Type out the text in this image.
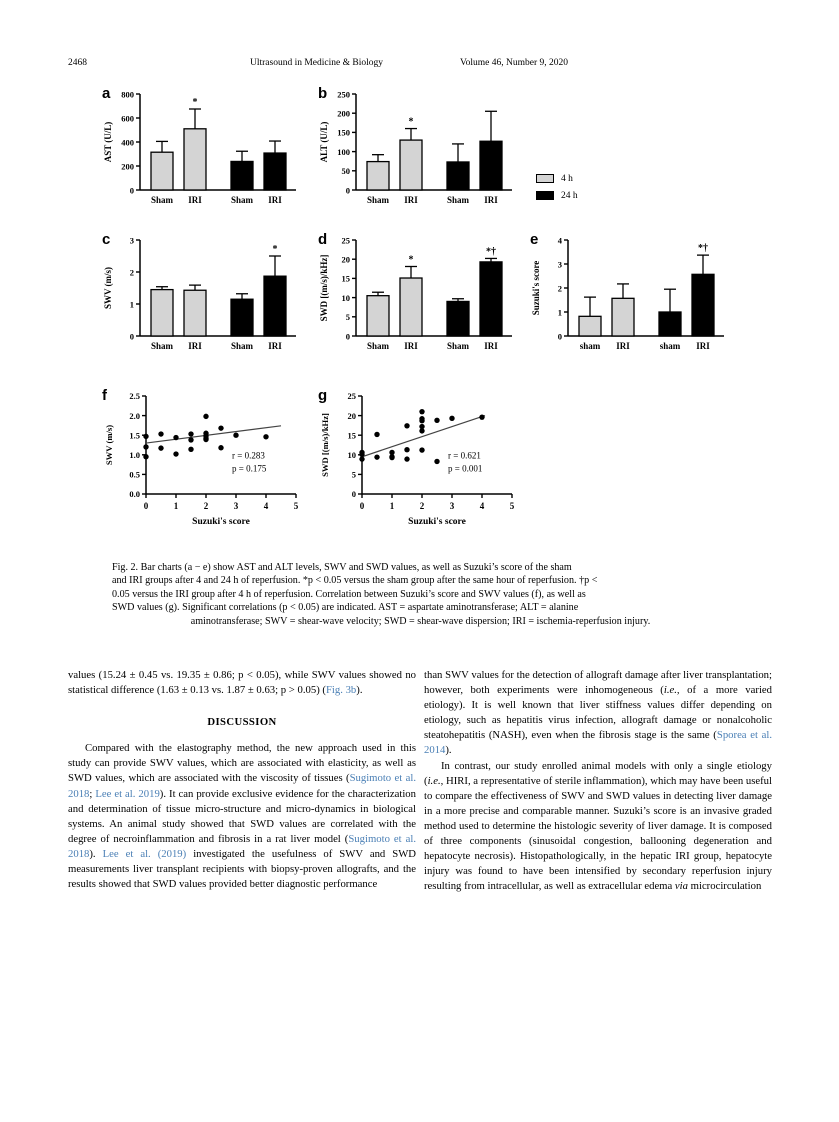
2468	Ultrasound in Medicine & Biology	Volume 46, Number 9, 2020
a
0
200
400
600
800
AST (U/L)
Sham
*
IRI	Sham IRI
b
0
50
100
150
200
250
ALT (U/L)
Sham
*
IRI	Sham IRI
c
0
1
2
3
SWV (m/s)
Sham IRI	Sham
*
IRI
d
0
5
10
15
20
25
SWD [(m/s)/kHz]
Sham
*
IRI	Sham
*†
IRI
e
0
1
2
3
4
Suzuki's score
sham IRI	sham
*†
IRI
f
0.0
0.5
1.0
1.5
2.0
2.5
0	1	2	3	4	5
SWV (m/s)
Suzuki's score
r = 0.283
p = 0.175
g
0
5
10
15
20
25
0	1	2	3	4	5
SWD [(m/s)/kHz]
Suzuki's score
r = 0.621
p = 0.001
4 h
24 h
Fig. 2. Bar charts (a − e) show AST and ALT levels, SWV and SWD values, as well as Suzuki’s score of the sham
and IRI groups after 4 and 24 h of reperfusion. *p < 0.05 versus the sham group after the same hour of reperfusion. †p <
0.05 versus the IRI group after 4 h of reperfusion. Correlation between Suzuki’s score and SWV values (f), as well as
SWD values (g). Significant correlations (p < 0.05) are indicated. AST = aspartate aminotransferase; ALT = alanine
aminotransferase; SWV = shear-wave velocity; SWD = shear-wave dispersion; IRI = ischemia-reperfusion injury.

values (15.24 ± 0.45 vs. 19.35 ± 0.86; p < 0.05), while SWV values showed no statistical difference (1.63 ± 0.13 vs. 1.87 ± 0.63; p > 0.05) (Fig. 3b).

DISCUSSION

Compared with the elastography method, the new approach used in this study can provide SWV values, which are associated with elasticity, as well as SWD values, which are associated with the viscosity of tissues (Sugimoto et al. 2018; Lee et al. 2019). It can provide exclusive evidence for the characterization and determination of tissue micro-structure and micro-dynamics in biological systems. An animal study showed that SWD values are correlated with the degree of necroinflammation and fibrosis in a rat liver model (Sugimoto et al. 2018). Lee et al. (2019) investigated the usefulness of SWV and SWD measurements liver transplant recipients with biopsy-proven allografts, and the results showed that SWD values provided better diagnostic performance

than SWV values for the detection of allograft damage after liver transplantation; however, both experiments were inhomogeneous (i.e., of a more varied etiology). It is well known that liver stiffness values differ depending on etiology, such as hepatitis virus infection, allograft damage or nonalcoholic steatohepatitis (NASH), even when the fibrosis stage is the same (Sporea et al. 2014).

In contrast, our study enrolled animal models with only a single etiology (i.e., HIRI, a representative of sterile inflammation), which may have been useful to compare the effectiveness of SWV and SWD values in detecting liver damage in a more precise and comparable manner. Suzuki’s score is an invasive graded method used to determine the histologic severity of liver damage. It is composed of three components (sinusoidal congestion, ballooning degeneration and hepatocyte necrosis). Histopathologically, in the hepatic IRI group, hepatocyte injury was found to have been intensified by secondary reperfusion injury resulting from intracellular, as well as extracellular edema via microcirculation
